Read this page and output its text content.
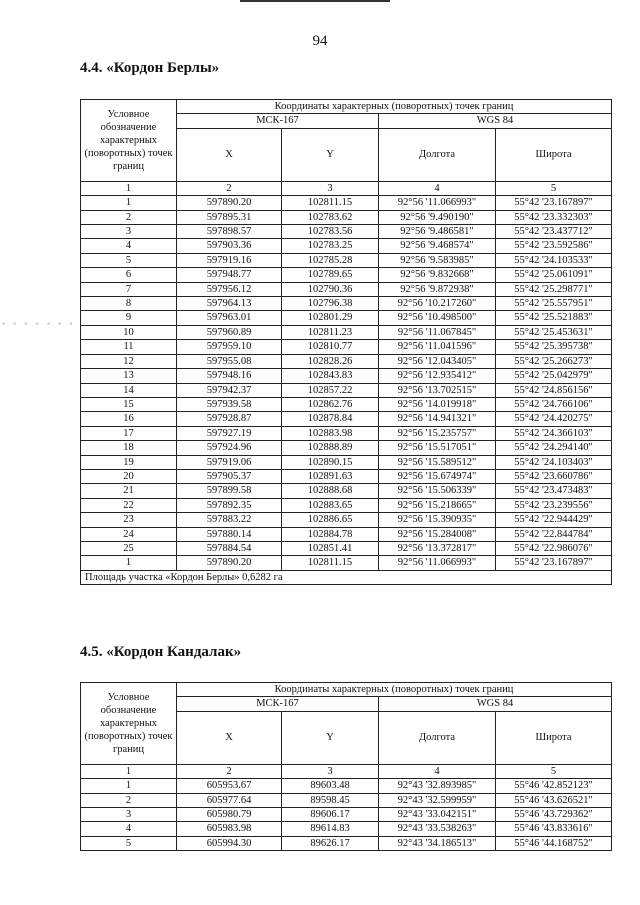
- - - - - - -
94
4.4. «Кордон Берлы»
Условное обозначение характерных (поворотных) точек границ	Координаты характерных (поворотных) точек границ			
	МСК-167		WGS 84	
	X	Y	Долгота	Широта
1	2	3	4	5
1	597890.20	102811.15	92°56 '11.066993"	55°42 '23.167897"
2	597895.31	102783.62	92°56 '9.490190"	55°42 '23.332303"
3	597898.57	102783.56	92°56 '9.486581"	55°42 '23.437712"
4	597903.36	102783.25	92°56 '9.468574"	55°42 '23.592586"
5	597919.16	102785.28	92°56 '9.583985"	55°42 '24.103533"
6	597948.77	102789.65	92°56 '9.832668"	55°42 '25.061091"
7	597956.12	102790.36	92°56 '9.872938"	55°42 '25.298771"
8	597964.13	102796.38	92°56 '10.217260"	55°42 '25.557951"
9	597963.01	102801.29	92°56 '10.498500"	55°42 '25.521883"
10	597960.89	102811.23	92°56 '11.067845"	55°42 '25.453631"
11	597959.10	102810.77	92°56 '11.041596"	55°42 '25.395738"
12	597955.08	102828.26	92°56 '12.043405"	55°42 '25.266273"
13	597948.16	102843.83	92°56 '12.935412"	55°42 '25.042979"
14	597942.37	102857.22	92°56 '13.702515"	55°42 '24.856156"
15	597939.58	102862.76	92°56 '14.019918"	55°42 '24.766106"
16	597928.87	102878.84	92°56 '14.941321"	55°42 '24.420275"
17	597927.19	102883.98	92°56 '15.235757"	55°42 '24.366103"
18	597924.96	102888.89	92°56 '15.517051"	55°42 '24.294140"
19	597919.06	102890.15	92°56 '15.589512"	55°42 '24.103403"
20	597905.37	102891.63	92°56 '15.674974"	55°42 '23.660786"
21	597899.58	102888.68	92°56 '15.506339"	55°42 '23.473483"
22	597892.35	102883.65	92°56 '15.218665"	55°42 '23.239556"
23	597883.22	102886.65	92°56 '15.390935"	55°42 '22.944429"
24	597880.14	102884.78	92°56 '15.284008"	55°42 '22.844784"
25	597884.54	102851.41	92°56 '13.372817"	55°42 '22.986076"
1	597890.20	102811.15	92°56 '11.066993"	55°42 '23.167897"
Площадь участка «Кордон Берлы» 0,6282 га				
4.5. «Кордон Кандалак»
Условное обозначение характерных (поворотных) точек границ	Координаты характерных (поворотных) точек границ			
	МСК-167		WGS 84	
	X	Y	Долгота	Широта
1	2	3	4	5
1	605953.67	89603.48	92°43 '32.893985"	55°46 '42.852123"
2	605977.64	89598.45	92°43 '32.599959"	55°46 '43.626521"
3	605980.79	89606.17	92°43 '33.042151"	55°46 '43.729362"
4	605983.98	89614.83	92°43 '33.538263"	55°46 '43.833616"
5	605994.30	89626.17	92°43 '34.186513"	55°46 '44.168752"
